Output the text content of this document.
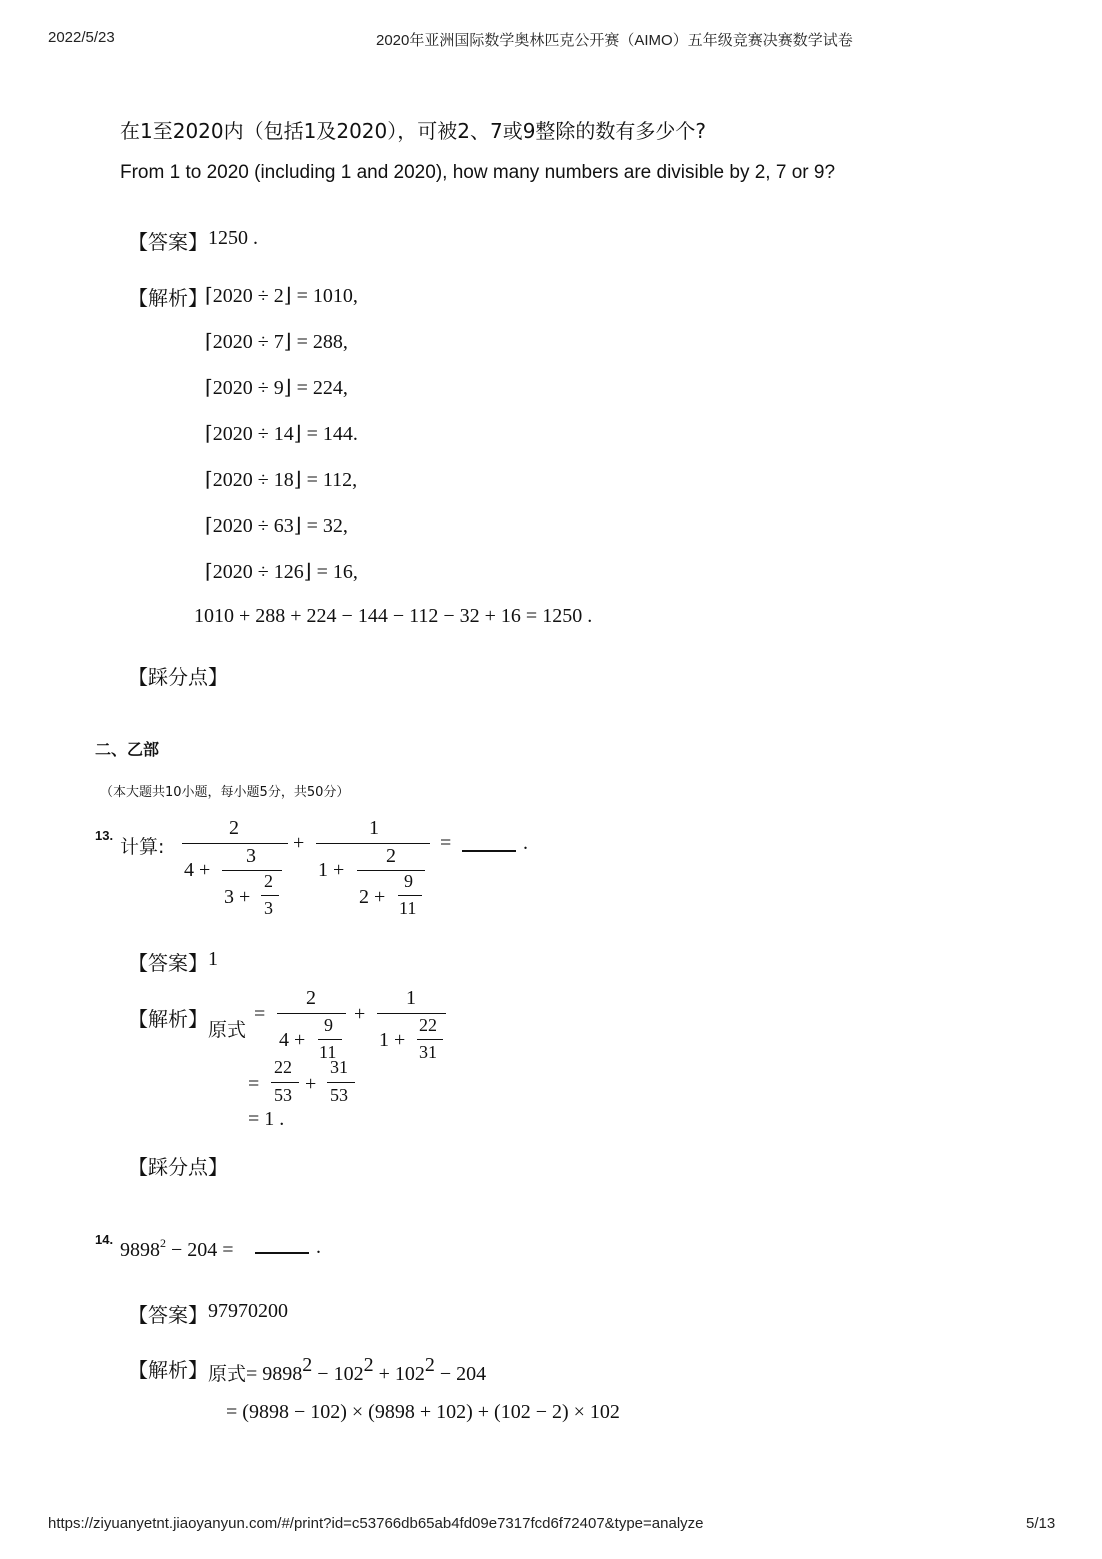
2022/5/23	2020年亚洲国际数学奥林匹克公开赛（AIMO）五年级竞赛决赛数学试卷
在1至2020内（包括1及2020），可被2、7或9整除的数有多少个?
From 1 to 2020 (including 1 and 2020), how many numbers are divisible by 2, 7 or 9?
【答案】 1250 .
【解析】
⌈2020 ÷ 2⌋ = 1010,
⌈2020 ÷ 7⌋ = 288,
⌈2020 ÷ 9⌋ = 224,
⌈2020 ÷ 14⌋ = 144.
⌈2020 ÷ 18⌋ = 112,
⌈2020 ÷ 63⌋ = 32,
⌈2020 ÷ 126⌋ = 16,
1010 + 288 + 224 − 144 − 112 − 32 + 16 = 1250 .
【踩分点】
二、乙部
（本大题共10小题，每小题5分，共50分）
13.
计算:
2
4 +
3
3 +
2
3
+
1
1 +
2
2 +
9
11
=	.
【答案】 1
【解析】 原式
=
2
4 +
9
11
+
1
1 +
22
31
=
22
53 +
31
53
= 1 .
【踩分点】
14. $9898^2 - 204$ =	.
【答案】 97970200
【解析】 原式= $9898^2 - 102^2 + 102^2 - 204$
= (9898 − 102) × (9898 + 102) + (102 − 2) × 102
https://ziyuanyetnt.jiaoyanyun.com/#/print?id=c53766db65ab4fd09e7317fcd6f72407&type=analyze	5/13
